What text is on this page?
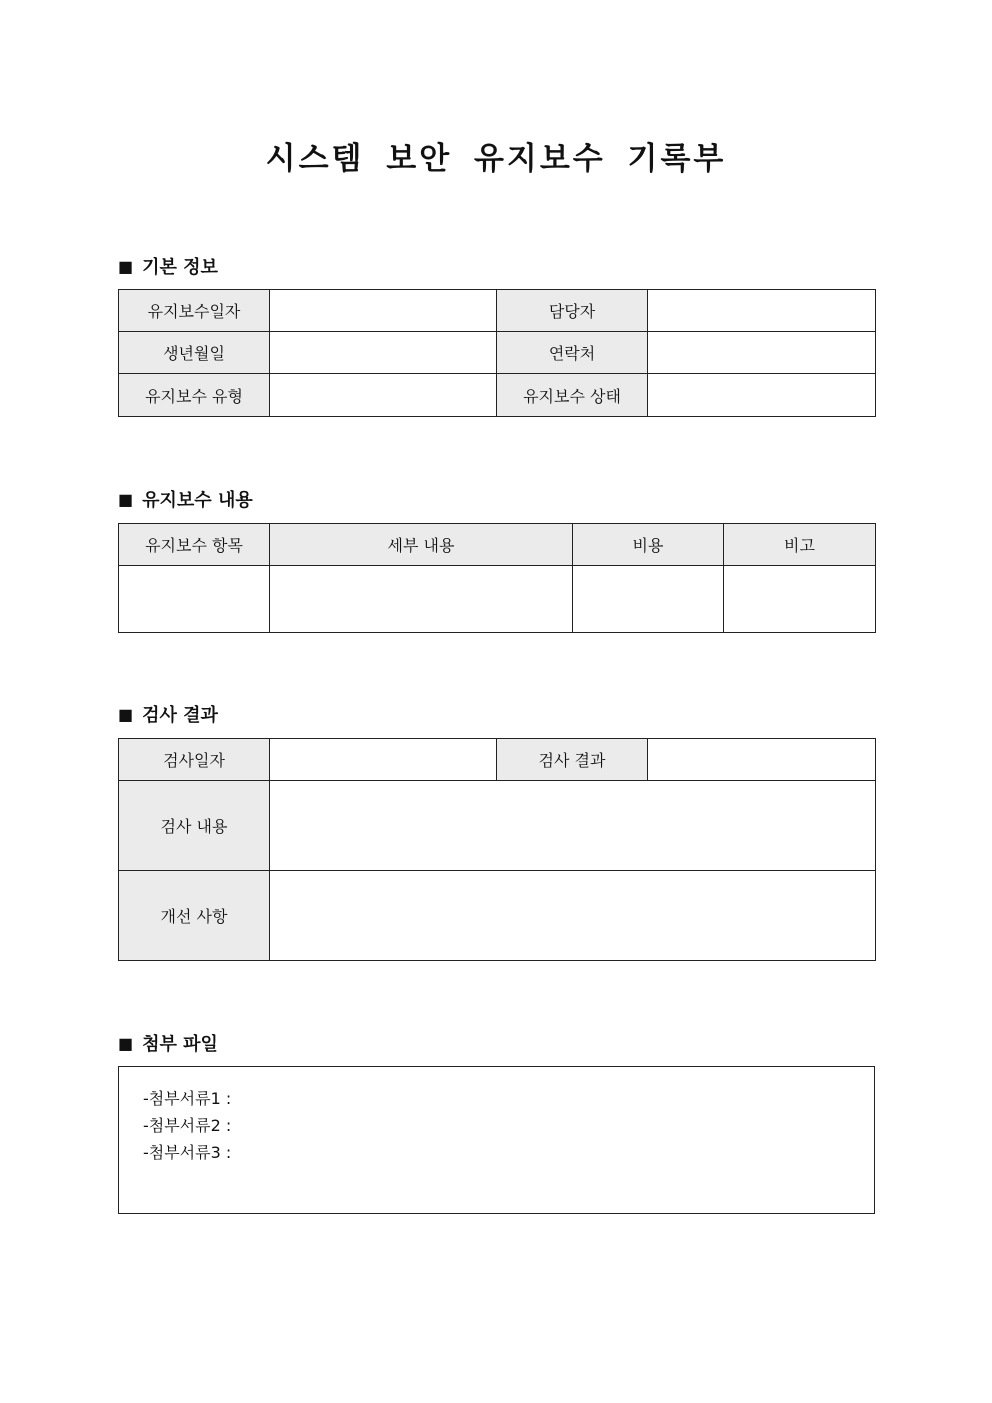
시스템 보안 유지보수 기록부
■ 기본 정보
유지보수일자		담당자	
생년월일		연락처	
유지보수 유형		유지보수 상태	
■ 유지보수 내용
유지보수 항목	세부 내용	비용	비고

■ 검사 결과
검사일자		검사 결과	
검사 내용			
개선 사항			
■ 첨부 파일
-첨부서류1 :
-첨부서류2 :
-첨부서류3 :
